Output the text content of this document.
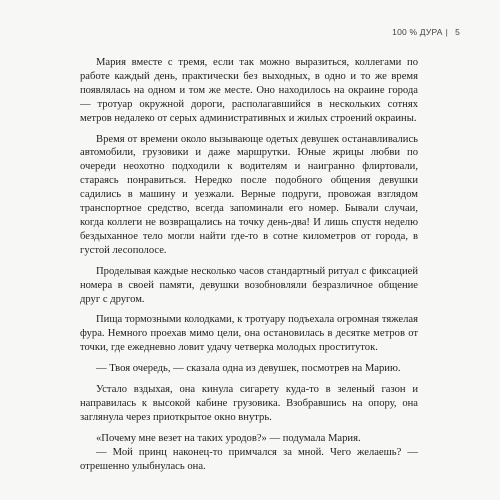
100 % ДУРА | 5

Мария вместе с тремя, если так можно выразиться, коллегами по работе каждый день, практически без выходных, в одно и то же время появлялась на одном и том же месте. Оно находилось на окраине города — тротуар окружной дороги, располагавшийся в нескольких сотнях метров недалеко от серых административных и жилых строений окраины.

Время от времени около вызывающе одетых девушек останавливались автомобили, грузовики и даже маршрутки. Юные жрицы любви по очереди неохотно подходили к водителям и наигранно флиртовали, стараясь понравиться. Нередко после подобного общения девушки садились в машину и уезжали. Верные подруги, провожая взглядом транспортное средство, всегда запоминали его номер. Бывали случаи, когда коллеги не возвращались на точку день-два! И лишь спустя неделю бездыханное тело могли найти где-то в сотне километров от города, в густой лесополосе.

Проделывая каждые несколько часов стандартный ритуал с фиксацией номера в своей памяти, девушки возобновляли безразличное общение друг с другом.

Пища тормозными колодками, к тротуару подъехала огромная тяжелая фура. Немного проехав мимо цели, она остановилась в десятке метров от точки, где ежедневно ловит удачу четверка молодых проституток.

— Твоя очередь, — сказала одна из девушек, посмотрев на Марию.

Устало вздыхая, она кинула сигарету куда-то в зеленый газон и направилась к высокой кабине грузовика. Взобравшись на опору, она заглянула через приоткрытое окно внутрь.

«Почему мне везет на таких уродов?» — подумала Мария.

— Мой принц наконец-то примчался за мной. Чего желаешь? — отрешенно улыбнулась она.
